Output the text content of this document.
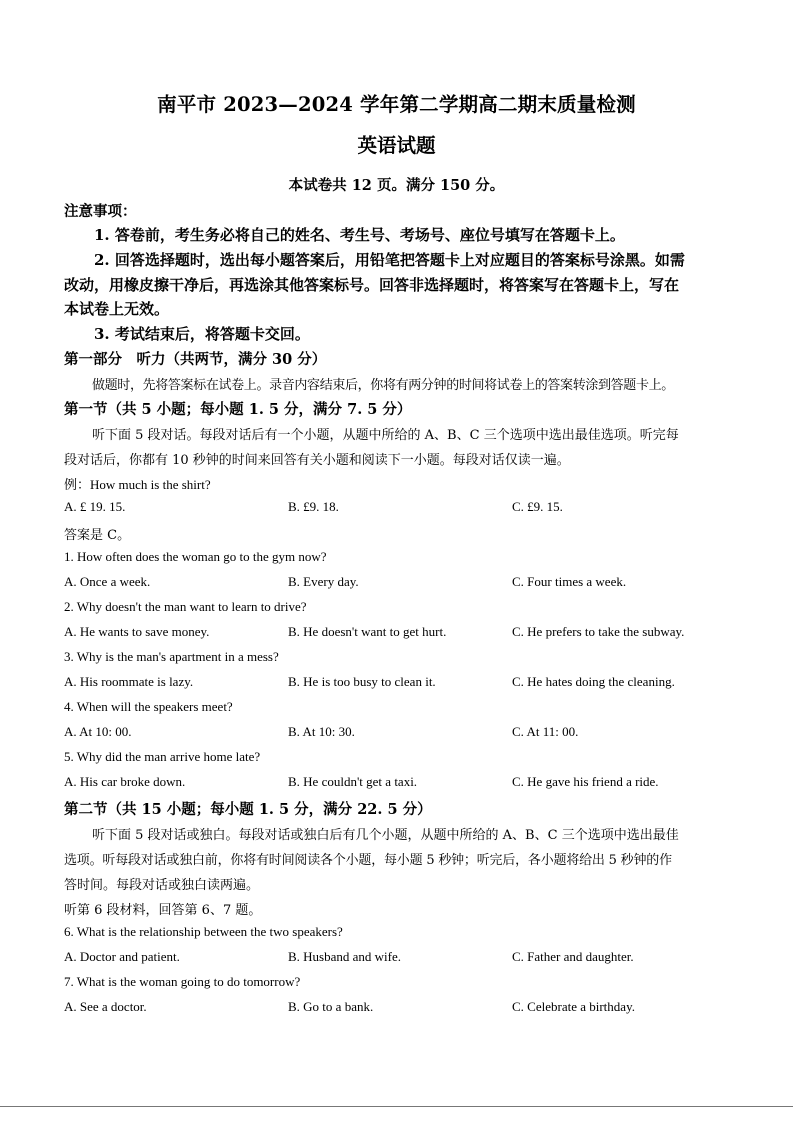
南平市 2023—2024 学年第二学期高二期末质量检测
英语试题
本试卷共 12 页。满分 150 分。
注意事项：
1. 答卷前，考生务必将自己的姓名、考生号、考场号、座位号填写在答题卡上。
2. 回答选择题时，选出每小题答案后，用铅笔把答题卡上对应题目的答案标号涂黑。如需
改动，用橡皮擦干净后，再选涂其他答案标号。回答非选择题时，将答案写在答题卡上，写在
本试卷上无效。
3. 考试结束后，将答题卡交回。
第一部分　听力（共两节，满分 30 分）
做题时，先将答案标在试卷上。录音内容结束后，你将有两分钟的时间将试卷上的答案转涂到答题卡上。
第一节（共 5 小题；每小题 1. 5 分，满分 7. 5 分）
听下面 5 段对话。每段对话后有一个小题，从题中所给的 A、B、C 三个选项中选出最佳选项。听完每
段对话后，你都有 10 秒钟的时间来回答有关小题和阅读下一小题。每段对话仅读一遍。
例：How much is the shirt?
A. £ 19. 15.	B. £9. 18.	C. £9. 15.
答案是 C。
1. How often does the woman go to the gym now?
A. Once a week.	B. Every day.	C. Four times a week.
2. Why doesn't the man want to learn to drive?
A. He wants to save money.	B. He doesn't want to get hurt.	C. He prefers to take the subway.
3. Why is the man's apartment in a mess?
A. His roommate is lazy.	B. He is too busy to clean it.	C. He hates doing the cleaning.
4. When will the speakers meet?
A. At 10: 00.	B. At 10: 30.	C. At 11: 00.
5. Why did the man arrive home late?
A. His car broke down.	B. He couldn't get a taxi.	C. He gave his friend a ride.
第二节（共 15 小题；每小题 1. 5 分，满分 22. 5 分）
听下面 5 段对话或独白。每段对话或独白后有几个小题，从题中所给的 A、B、C 三个选项中选出最佳
选项。听每段对话或独白前，你将有时间阅读各个小题，每小题 5 秒钟；听完后，各小题将给出 5 秒钟的作
答时间。每段对话或独白读两遍。
听第 6 段材料，回答第 6、7 题。
6. What is the relationship between the two speakers?
A. Doctor and patient.	B. Husband and wife.	C. Father and daughter.
7. What is the woman going to do tomorrow?
A. See a doctor.	B. Go to a bank.	C. Celebrate a birthday.
